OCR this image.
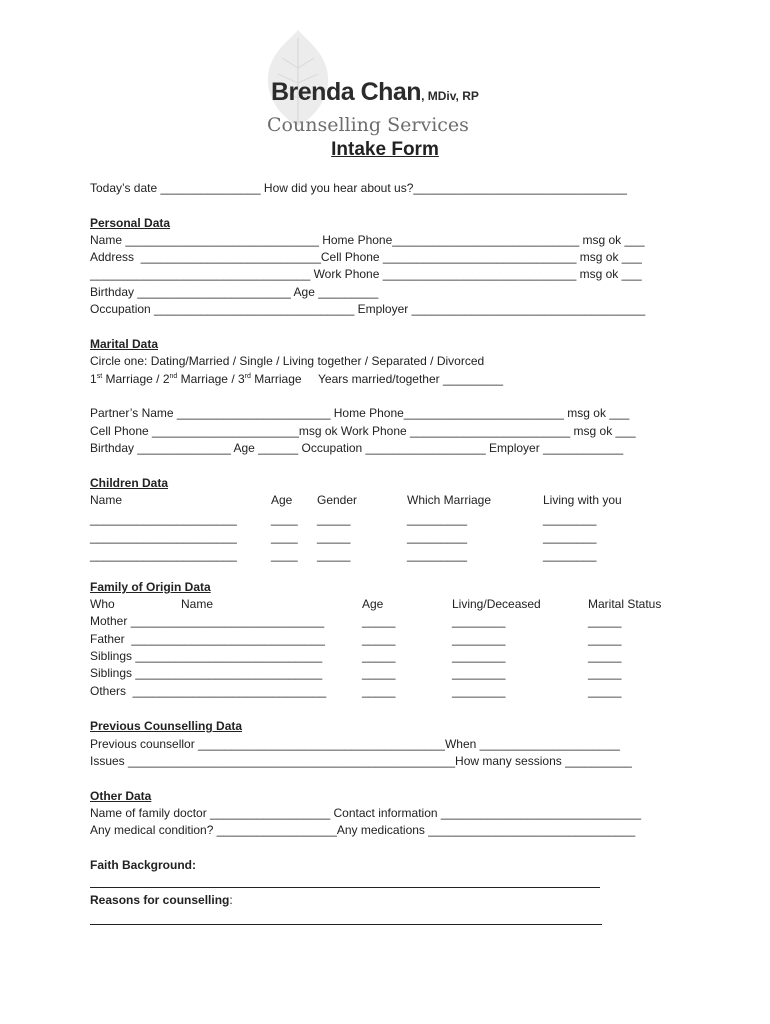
Brenda Chan, MDiv, RP
Counselling Services
Intake Form
Today’s date _______________ How did you hear about us?________________________________
Personal Data
Name _____________________________ Home Phone____________________________ msg ok ___
Address  ___________________________Cell Phone _____________________________ msg ok ___
_________________________________ Work Phone _____________________________ msg ok ___
Birthday _______________________ Age _________
Occupation ______________________________ Employer ___________________________________
Marital Data
Circle one: Dating/Married / Single / Living together / Separated / Divorced
1st Marriage / 2nd Marriage / 3rd Marriage     Years married/together _________
Partner’s Name _______________________ Home Phone________________________ msg ok ___
Cell Phone ______________________msg ok Work Phone ________________________ msg ok ___
Birthday ______________ Age ______ Occupation __________________ Employer ____________
Children Data
Name	Age Gender	Which Marriage	Living with you
______________________	____ _____	_________	________
______________________	____ _____	_________	________
______________________	____ _____	_________	________
Family of Origin Data
Who	Name	Age	Living/Deceased	Marital Status
Mother _____________________________	_____	________	_____
Father  _____________________________	_____	________	_____
Siblings ____________________________	_____	________	_____
Siblings ____________________________	_____	________	_____
Others  _____________________________	_____	________	_____
Previous Counselling Data
Previous counsellor _____________________________________When _____________________
Issues _________________________________________________How many sessions __________
Other Data
Name of family doctor __________________ Contact information ______________________________
Any medical condition? __________________Any medications _______________________________
Faith Background:
Reasons for counselling:
